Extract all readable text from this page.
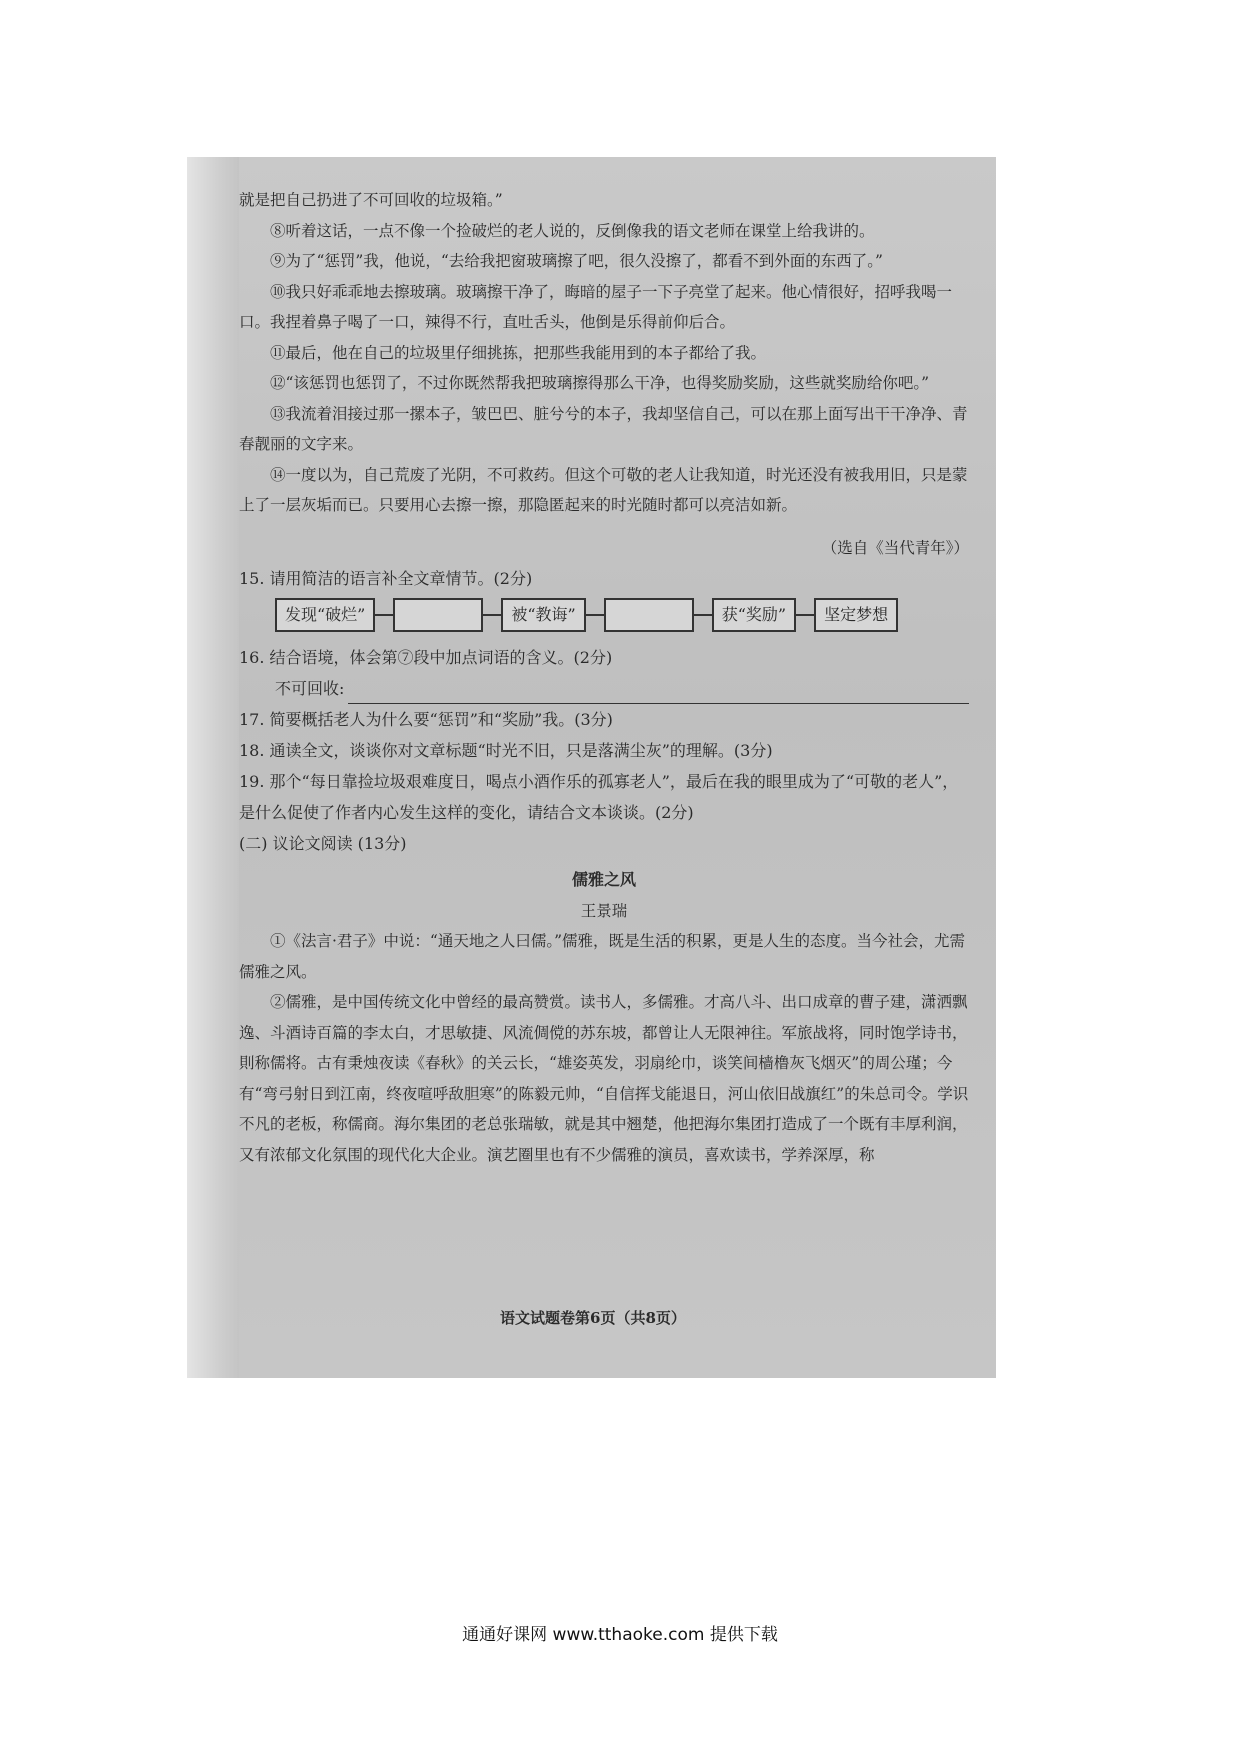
就是把自己扔进了不可回收的垃圾箱。”

⑧听着这话，一点不像一个捡破烂的老人说的，反倒像我的语文老师在课堂上给我讲的。

⑨为了“惩罚”我，他说，“去给我把窗玻璃擦了吧，很久没擦了，都看不到外面的东西了。”

⑩我只好乖乖地去擦玻璃。玻璃擦干净了，晦暗的屋子一下子亮堂了起来。他心情很好，招呼我喝一口。我捏着鼻子喝了一口，辣得不行，直吐舌头，他倒是乐得前仰后合。

⑪最后，他在自己的垃圾里仔细挑拣，把那些我能用到的本子都给了我。

⑫“该惩罚也惩罚了，不过你既然帮我把玻璃擦得那么干净，也得奖励奖励，这些就奖励给你吧。”

⑬我流着泪接过那一摞本子，皱巴巴、脏兮兮的本子，我却坚信自己，可以在那上面写出干干净净、青春靓丽的文字来。

⑭一度以为，自己荒废了光阴，不可救药。但这个可敬的老人让我知道，时光还没有被我用旧，只是蒙上了一层灰垢而已。只要用心去擦一擦，那隐匿起来的时光随时都可以亮洁如新。

（选自《当代青年》）

15. 请用简洁的语言补全文章情节。(2分)

发现“破烂”	被“教诲”	获“奖励”	坚定梦想

16. 结合语境，体会第⑦段中加点词语的含义。(2分)

不可回收:

17. 简要概括老人为什么要“惩罚”和“奖励”我。(3分)

18. 通读全文，谈谈你对文章标题“时光不旧，只是落满尘灰”的理解。(3分)

19. 那个“每日靠捡垃圾艰难度日，喝点小酒作乐的孤寡老人”，最后在我的眼里成为了“可敬的老人”，是什么促使了作者内心发生这样的变化，请结合文本谈谈。(2分)

(二) 议论文阅读 (13分)

儒雅之风
王景瑞

①《法言·君子》中说：“通天地之人曰儒。”儒雅，既是生活的积累，更是人生的态度。当今社会，尤需儒雅之风。

②儒雅，是中国传统文化中曾经的最高赞赏。读书人，多儒雅。才高八斗、出口成章的曹子建，潇洒飘逸、斗酒诗百篇的李太白，才思敏捷、风流倜傥的苏东坡，都曾让人无限神往。军旅战将，同时饱学诗书，則称儒将。古有秉烛夜读《春秋》的关云长，“雄姿英发，羽扇纶巾，谈笑间樯橹灰飞烟灭”的周公瑾；今有“弯弓射日到江南，终夜喧呼敌胆寒”的陈毅元帅，“自信挥戈能退日，河山依旧战旗红”的朱总司令。学识不凡的老板，称儒商。海尔集团的老总张瑞敏，就是其中翘楚，他把海尔集团打造成了一个既有丰厚利润，又有浓郁文化氛围的现代化大企业。演艺圈里也有不少儒雅的演员，喜欢读书，学养深厚，称

语文试题卷第6页（共8页）
通通好课网 www.tthaoke.com 提供下载
